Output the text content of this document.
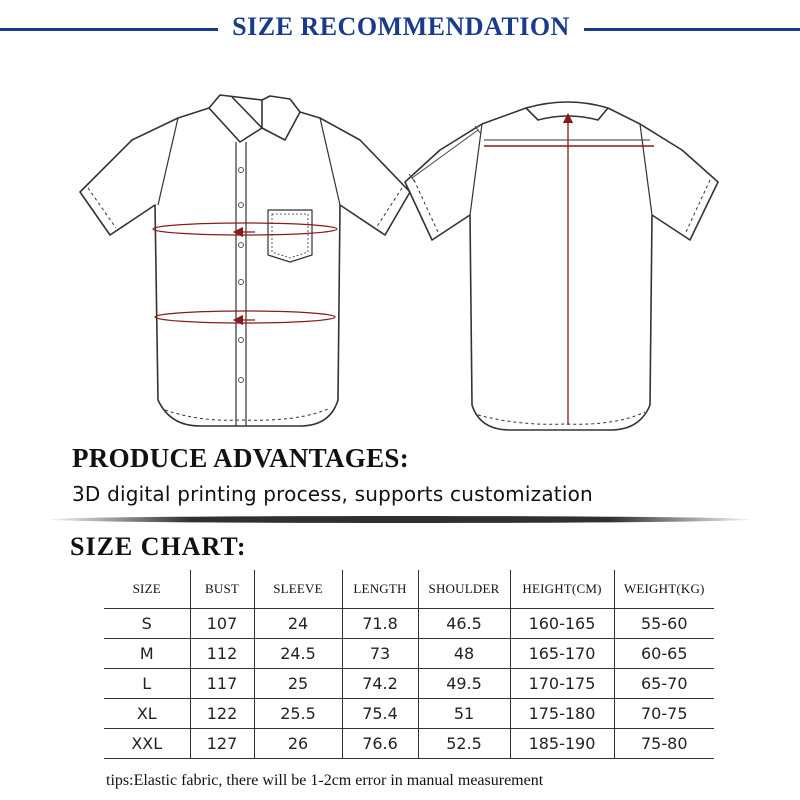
SIZE RECOMMENDATION
PRODUCE ADVANTAGES:
3D digital printing process, supports customization
SIZE CHART:
SIZE	BUST	SLEEVE	LENGTH	SHOULDER	HEIGHT(CM)	WEIGHT(KG)
S	107	24	71.8	46.5	160-165	55-60
M	112	24.5	73	48	165-170	60-65
L	117	25	74.2	49.5	170-175	65-70
XL	122	25.5	75.4	51	175-180	70-75
XXL	127	26	76.6	52.5	185-190	75-80
tips:Elastic fabric, there will be 1-2cm error in manual measurement
